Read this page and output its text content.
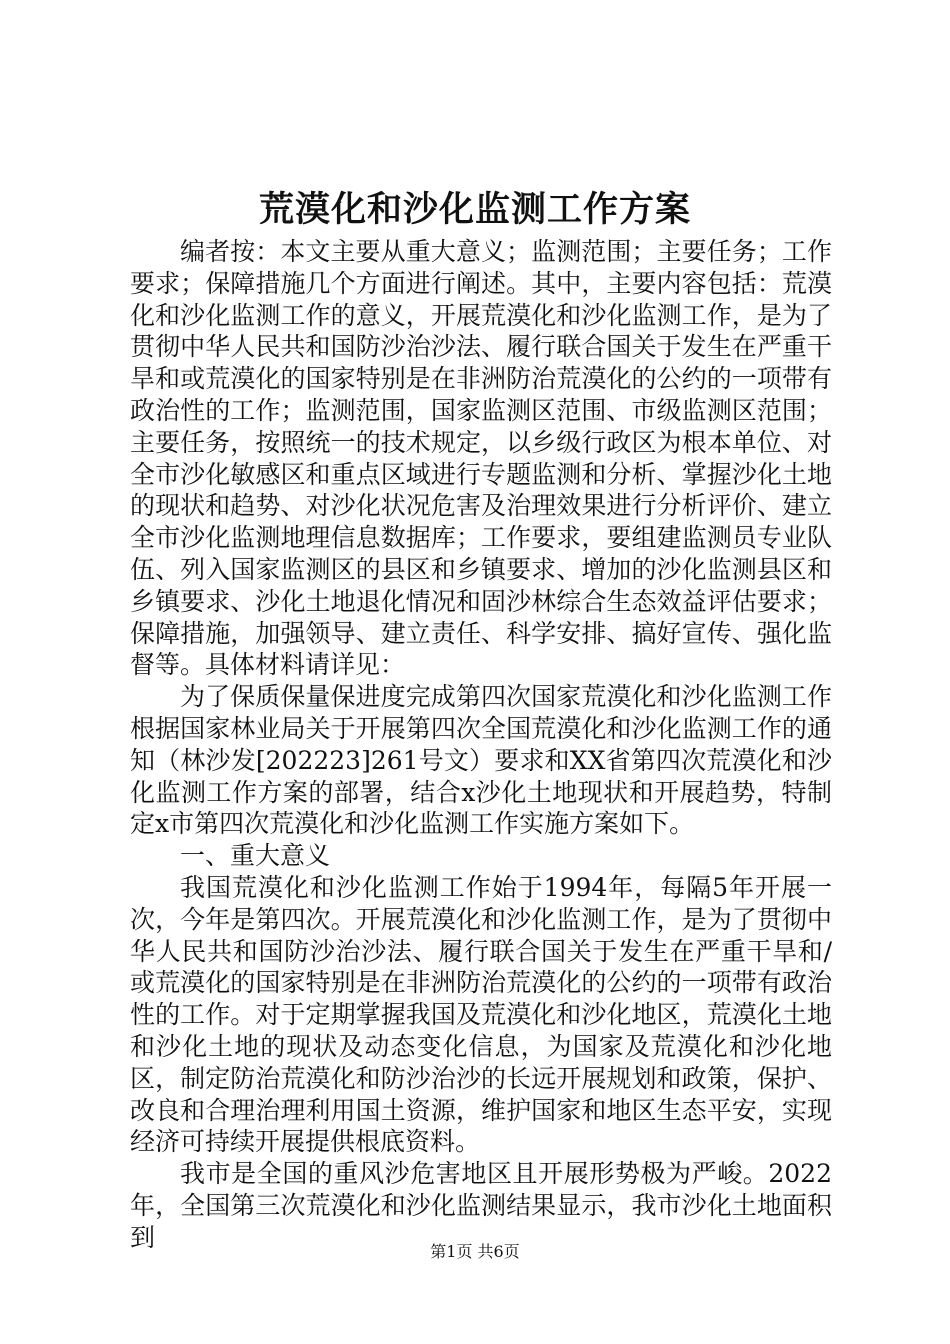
荒漠化和沙化监测工作方案

编者按：本文主要从重大意义；监测范围；主要任务；工作要求；保障措施几个方面进行阐述。其中，主要内容包括：荒漠化和沙化监测工作的意义，开展荒漠化和沙化监测工作，是为了贯彻中华人民共和国防沙治沙法、履行联合国关于发生在严重干旱和或荒漠化的国家特别是在非洲防治荒漠化的公约的一项带有政治性的工作；监测范围，国家监测区范围、市级监测区范围；主要任务，按照统一的技术规定，以乡级行政区为根本单位、对全市沙化敏感区和重点区域进行专题监测和分析、掌握沙化土地的现状和趋势、对沙化状况危害及治理效果进行分析评价、建立全市沙化监测地理信息数据库；工作要求，要组建监测员专业队伍、列入国家监测区的县区和乡镇要求、增加的沙化监测县区和乡镇要求、沙化土地退化情况和固沙林综合生态效益评估要求；保障措施，加强领导、建立责任、科学安排、搞好宣传、强化监督等。具体材料请详见：

为了保质保量保进度完成第四次国家荒漠化和沙化监测工作根据国家林业局关于开展第四次全国荒漠化和沙化监测工作的通知（林沙发[202223]261号文）要求和XX省第四次荒漠化和沙化监测工作方案的部署，结合x沙化土地现状和开展趋势，特制定x市第四次荒漠化和沙化监测工作实施方案如下。

一、重大意义

我国荒漠化和沙化监测工作始于1994年，每隔5年开展一次，今年是第四次。开展荒漠化和沙化监测工作，是为了贯彻中华人民共和国防沙治沙法、履行联合国关于发生在严重干旱和/或荒漠化的国家特别是在非洲防治荒漠化的公约的一项带有政治性的工作。对于定期掌握我国及荒漠化和沙化地区，荒漠化土地和沙化土地的现状及动态变化信息，为国家及荒漠化和沙化地区，制定防治荒漠化和防沙治沙的长远开展规划和政策，保护、改良和合理治理利用国土资源，维护国家和地区生态平安，实现经济可持续开展提供根底资料。

我市是全国的重风沙危害地区且开展形势极为严峻。2022年，全国第三次荒漠化和沙化监测结果显示，我市沙化土地面积到	第1页 共6页
